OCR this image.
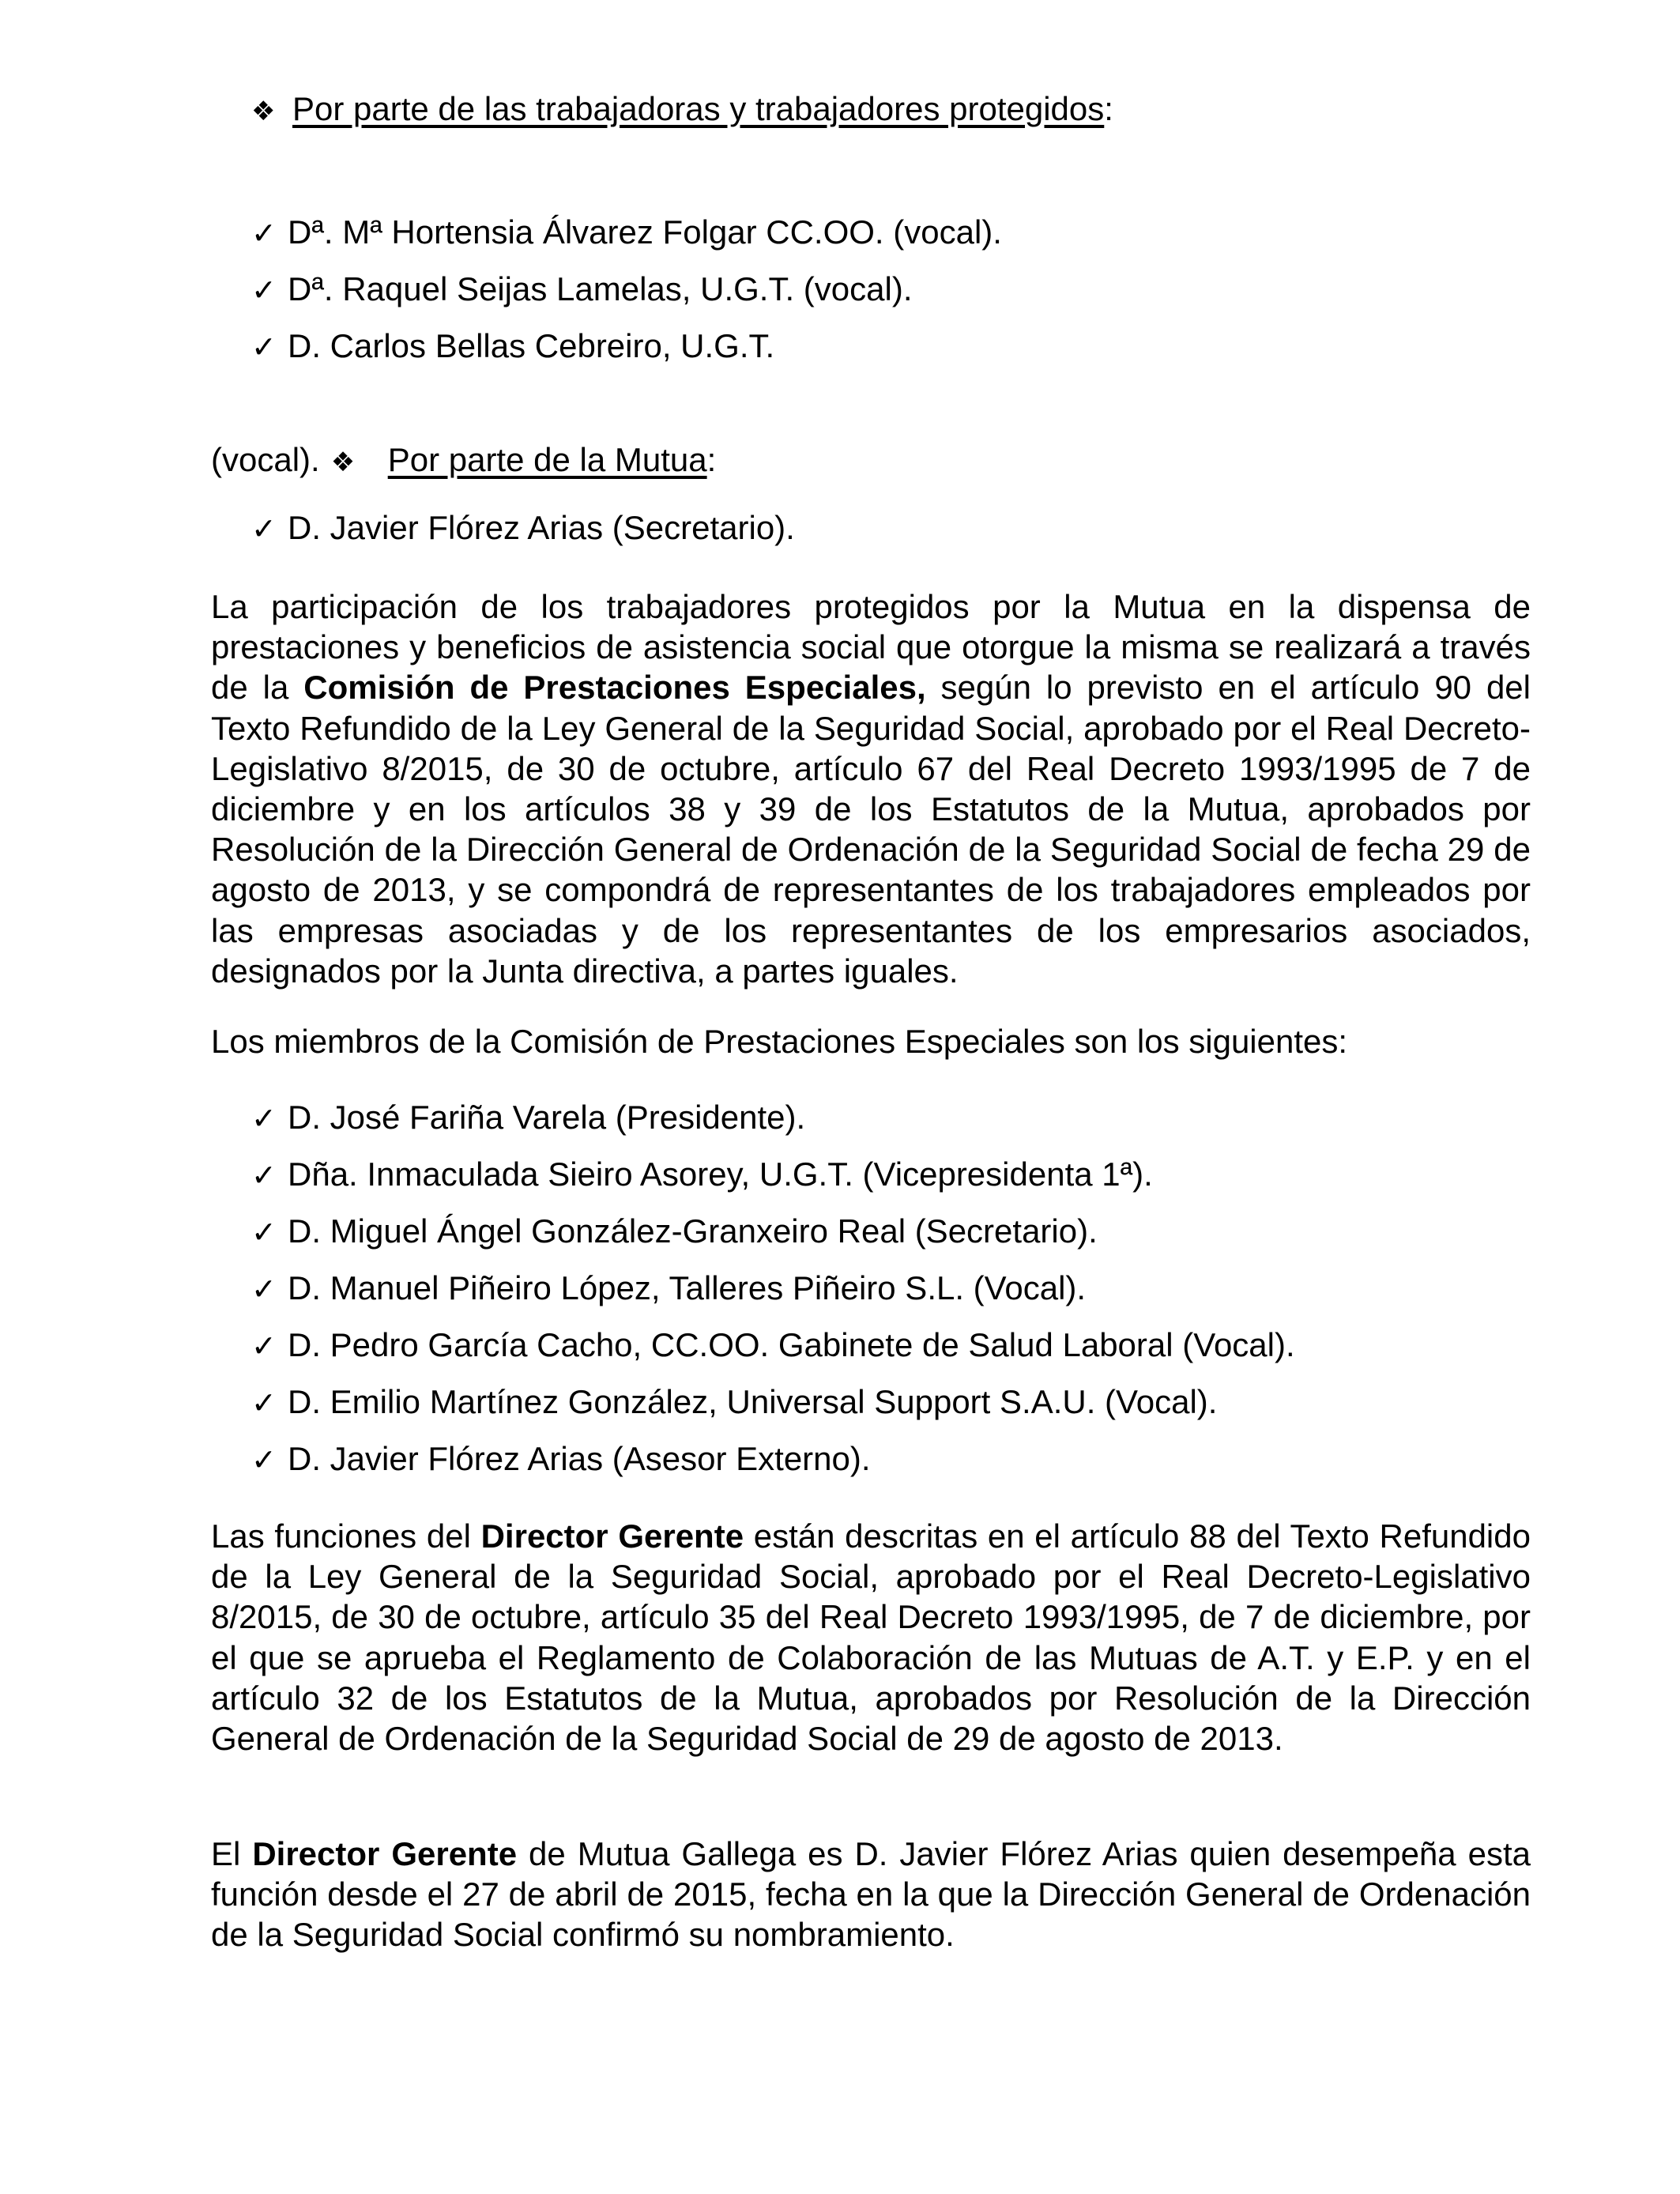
❖ Por parte de las trabajadoras y trabajadores protegidos:
✓ Dª. Mª Hortensia Álvarez Folgar CC.OO. (vocal).
✓ Dª. Raquel Seijas Lamelas, U.G.T. (vocal).
✓ D. Carlos Bellas Cebreiro, U.G.T.
(vocal). ❖ Por parte de la Mutua:
✓ D. Javier Flórez Arias (Secretario).
La participación de los trabajadores protegidos por la Mutua en la dispensa de prestaciones y beneficios de asistencia social que otorgue la misma se realizará a través de la Comisión de Prestaciones Especiales, según lo previsto en el artículo 90 del Texto Refundido de la Ley General de la Seguridad Social, aprobado por el Real Decreto-Legislativo 8/2015, de 30 de octubre, artículo 67 del Real Decreto 1993/1995 de 7 de diciembre y en los artículos 38 y 39 de los Estatutos de la Mutua, aprobados por Resolución de la Dirección General de Ordenación de la Seguridad Social de fecha 29 de agosto de 2013, y se compondrá de representantes de los trabajadores empleados por las empresas asociadas y de los representantes de los empresarios asociados, designados por la Junta directiva, a partes iguales.
Los miembros de la Comisión de Prestaciones Especiales son los siguientes:
✓ D. José Fariña Varela (Presidente).
✓ Dña. Inmaculada Sieiro Asorey, U.G.T. (Vicepresidenta 1ª).
✓ D. Miguel Ángel González-Granxeiro Real (Secretario).
✓ D. Manuel Piñeiro López, Talleres Piñeiro S.L. (Vocal).
✓ D. Pedro García Cacho, CC.OO. Gabinete de Salud Laboral (Vocal).
✓ D. Emilio Martínez González, Universal Support S.A.U. (Vocal).
✓ D. Javier Flórez Arias (Asesor Externo).
Las funciones del Director Gerente están descritas en el artículo 88 del Texto Refundido de la Ley General de la Seguridad Social, aprobado por el Real Decreto-Legislativo 8/2015, de 30 de octubre, artículo 35 del Real Decreto 1993/1995, de 7 de diciembre, por el que se aprueba el Reglamento de Colaboración de las Mutuas de A.T. y E.P. y en el artículo 32 de los Estatutos de la Mutua, aprobados por Resolución de la Dirección General de Ordenación de la Seguridad Social de 29 de agosto de 2013.
El Director Gerente de Mutua Gallega es D. Javier Flórez Arias quien desempeña esta función desde el 27 de abril de 2015, fecha en la que la Dirección General de Ordenación de la Seguridad Social confirmó su nombramiento.
